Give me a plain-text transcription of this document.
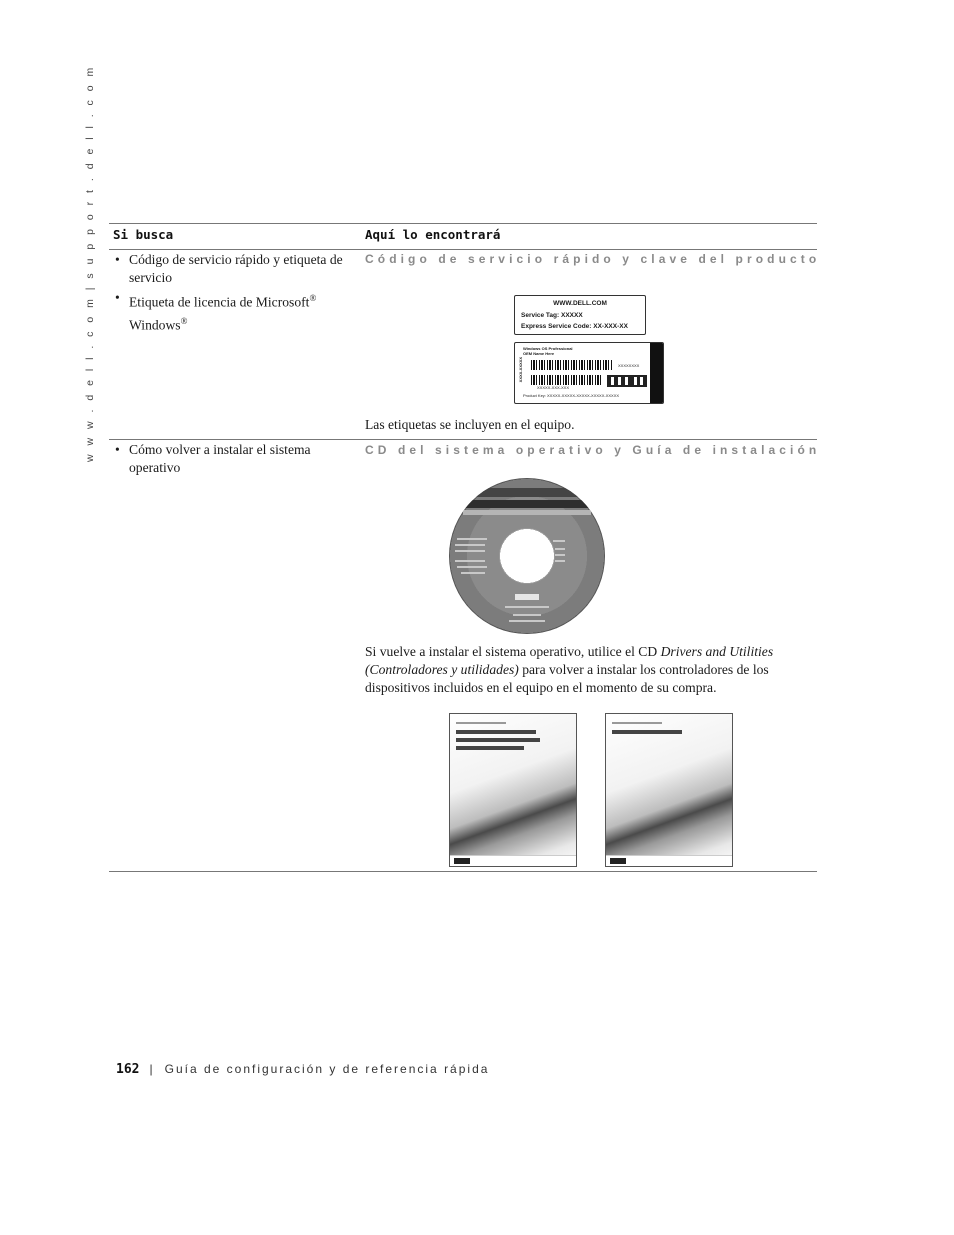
w w w . d e l l . c o m | s u p p o r t . d e l l . c o m	Si busca	Aquí lo encontrará
• Código de servicio rápido y etiqueta de servicio
• Etiqueta de licencia de Microsoft® Windows®
Código de servicio rápido y clave del producto
WWW.DELL.COM
Service Tag: XXXXX
Express Service Code: XX-XXX-XX
XXXX-XXXXX
Windows OS Professional
OEM Name Here
XXXXXXXX
XXXXX-XXX-XXX
Product Key: XXXXX-XXXXX-XXXXX-XXXXX-XXXXX

Las etiquetas se incluyen en el equipo.

• Cómo volver a instalar el sistema operativo
CD del sistema operativo y Guía de instalación

Si vuelve a instalar el sistema operativo, utilice el CD Drivers and Utilities (Controladores y utilidades) para volver a instalar los controladores de los dispositivos incluidos en el equipo en el momento de su compra.

162 | Guía de configuración y de referencia rápida
